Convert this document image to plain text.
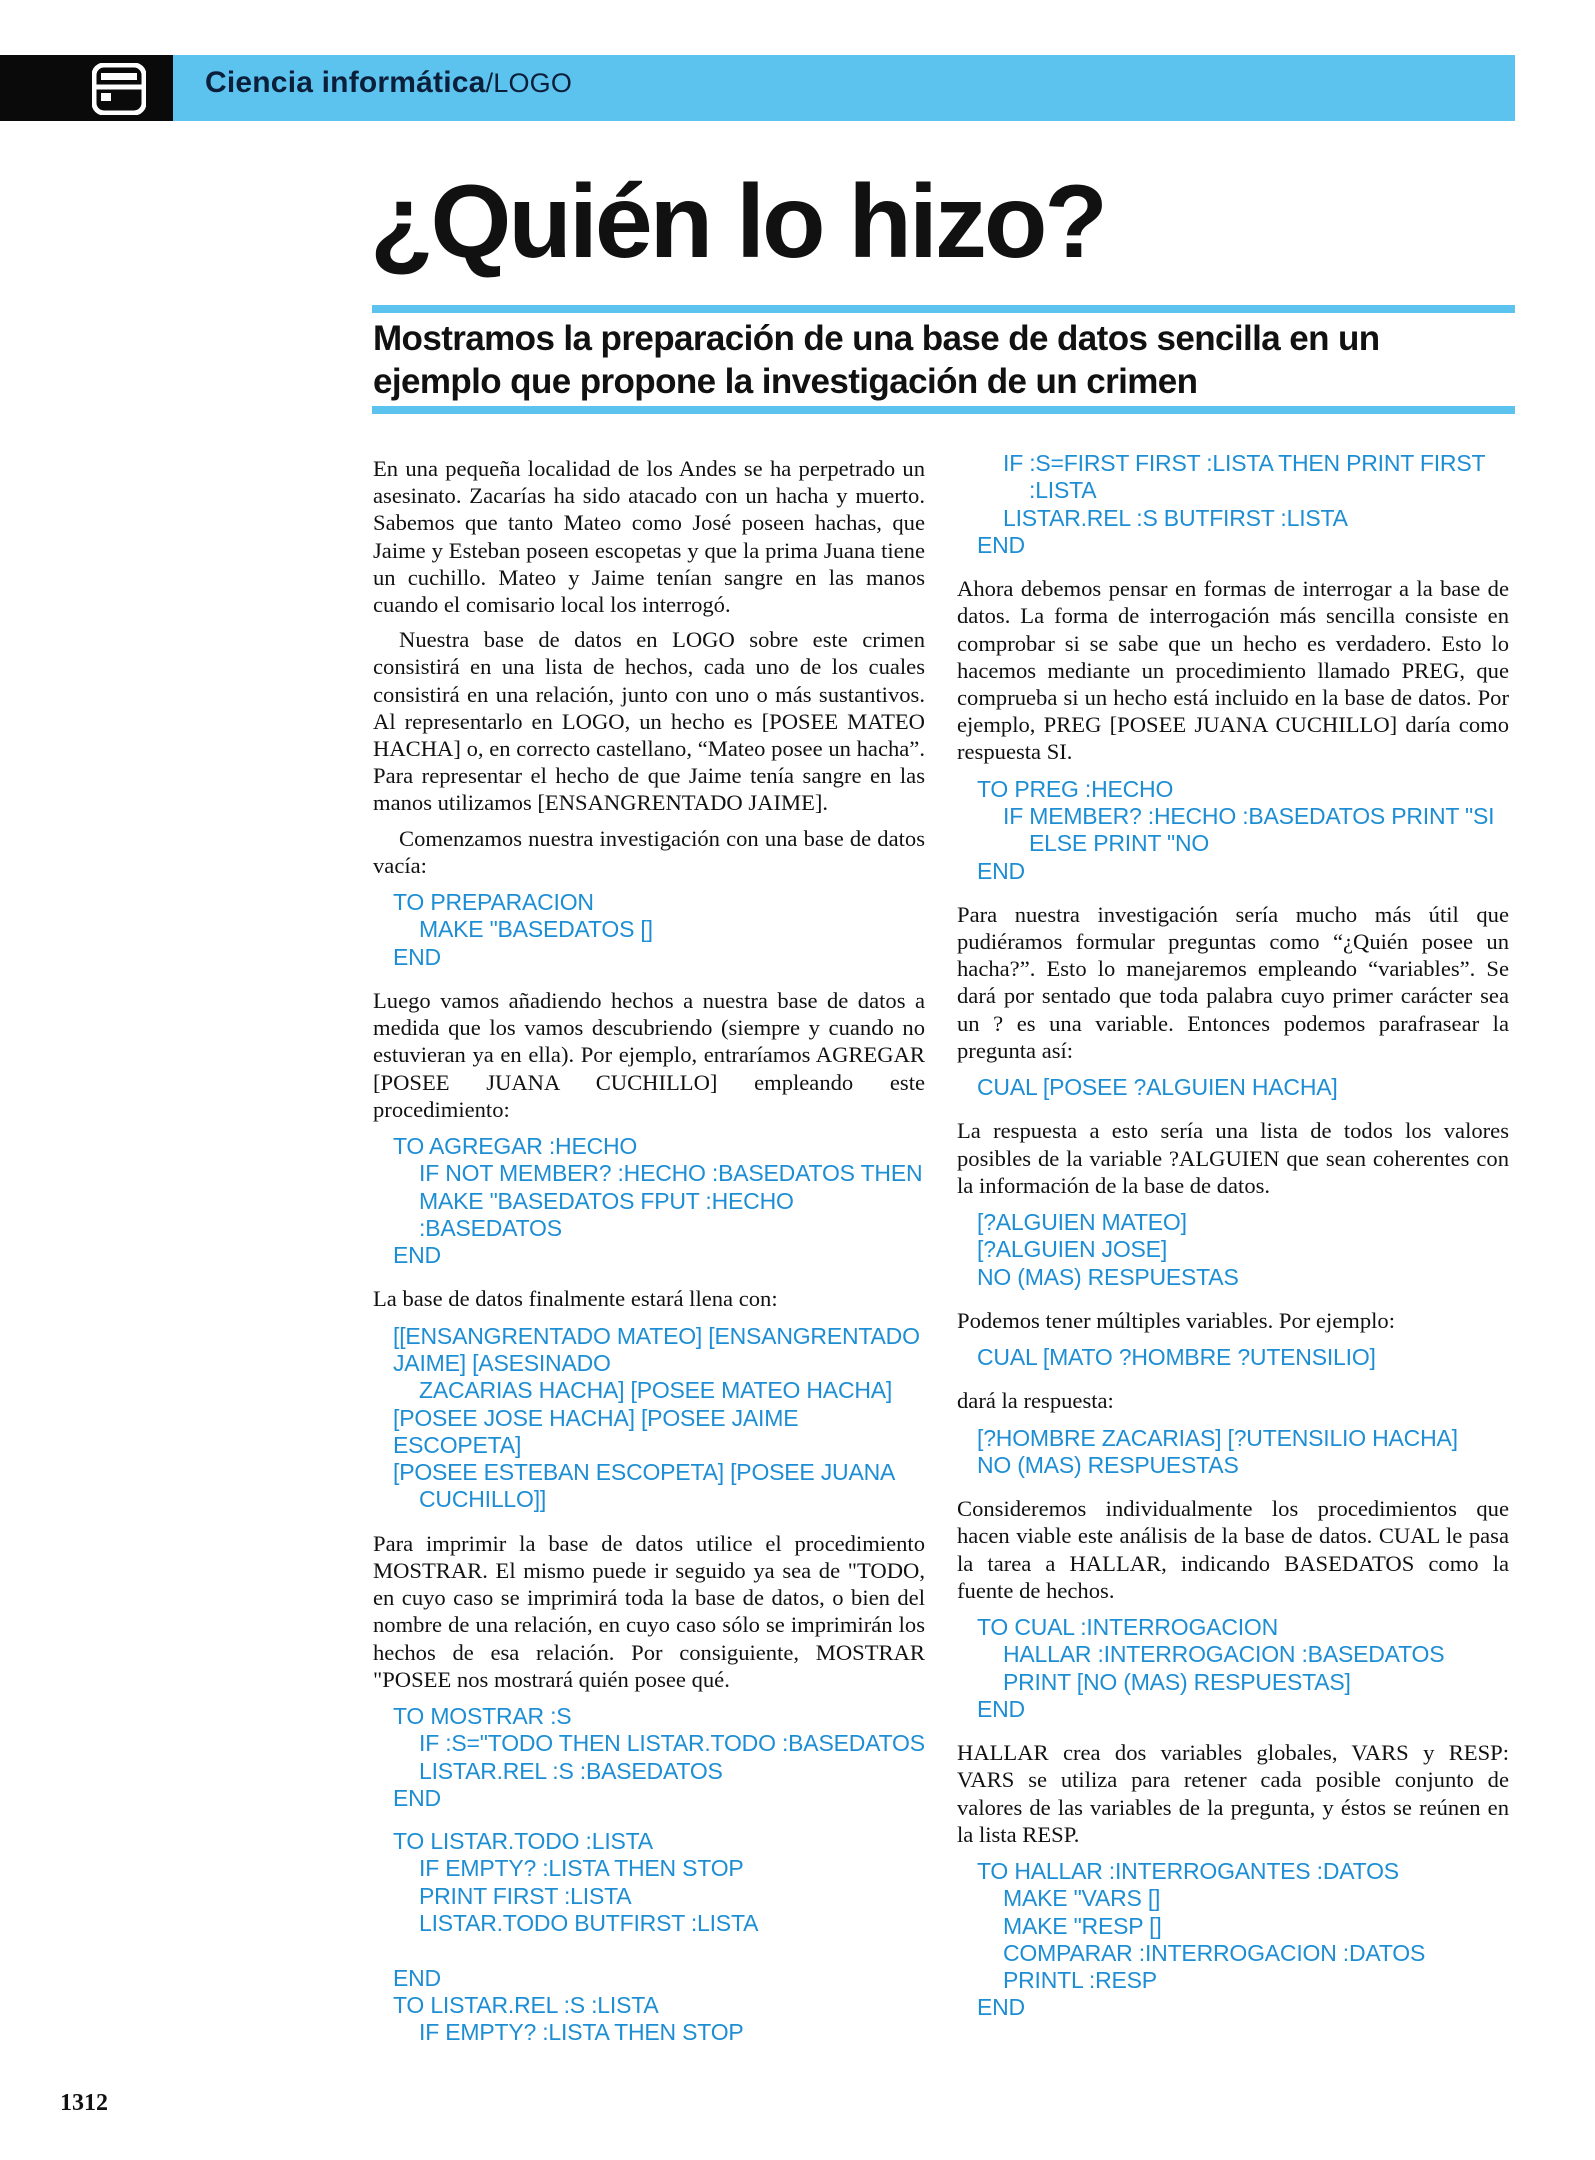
Ciencia informática/LOGO
¿Quién lo hizo?
Mostramos la preparación de una base de datos sencilla en un ejemplo que propone la investigación de un crimen

En una pequeña localidad de los Andes se ha perpetrado un asesinato. Zacarías ha sido atacado con un hacha y muerto. Sabemos que tanto Mateo como José poseen hachas, que Jaime y Esteban poseen escopetas y que la prima Juana tiene un cuchillo. Mateo y Jaime tenían sangre en las manos cuando el comisario local los interrogó.

Nuestra base de datos en LOGO sobre este crimen consistirá en una lista de hechos, cada uno de los cuales consistirá en una relación, junto con uno o más sustantivos. Al representarlo en LOGO, un hecho es [POSEE MATEO HACHA] o, en correcto castellano, “Mateo posee un hacha”. Para representar el hecho de que Jaime tenía sangre en las manos utilizamos [ENSANGRENTADO JAIME].

Comenzamos nuestra investigación con una base de datos vacía:

TO PREPARACION
MAKE "BASEDATOS []
END

Luego vamos añadiendo hechos a nuestra base de datos a medida que los vamos descubriendo (siempre y cuando no estuvieran ya en ella). Por ejemplo, entraríamos AGREGAR [POSEE JUANA CUCHILLO] empleando este procedimiento:

TO AGREGAR :HECHO
IF NOT MEMBER? :HECHO :BASEDATOS THEN
MAKE "BASEDATOS FPUT :HECHO
:BASEDATOS
END

La base de datos finalmente estará llena con:

[[ENSANGRENTADO MATEO] [ENSANGRENTADO
JAIME] [ASESINADO
ZACARIAS HACHA] [POSEE MATEO HACHA]
[POSEE JOSE HACHA] [POSEE JAIME ESCOPETA]
[POSEE ESTEBAN ESCOPETA] [POSEE JUANA
CUCHILLO]]

Para imprimir la base de datos utilice el procedimiento MOSTRAR. El mismo puede ir seguido ya sea de "TODO, en cuyo caso se imprimirá toda la base de datos, o bien del nombre de una relación, en cuyo caso sólo se imprimirán los hechos de esa relación. Por consiguiente, MOSTRAR "POSEE nos mostrará quién posee qué.

TO MOSTRAR :S
IF :S="TODO THEN LISTAR.TODO :BASEDATOS
LISTAR.REL :S :BASEDATOS
END
TO LISTAR.TODO :LISTA
IF EMPTY? :LISTA THEN STOP
PRINT FIRST :LISTA
LISTAR.TODO BUTFIRST :LISTA

END
TO LISTAR.REL :S :LISTA
IF EMPTY? :LISTA THEN STOP
IF :S=FIRST FIRST :LISTA THEN PRINT FIRST
:LISTA
LISTAR.REL :S BUTFIRST :LISTA
END

Ahora debemos pensar en formas de interrogar a la base de datos. La forma de interrogación más sencilla consiste en comprobar si se sabe que un hecho es verdadero. Esto lo hacemos mediante un procedimiento llamado PREG, que comprueba si un hecho está incluido en la base de datos. Por ejemplo, PREG [POSEE JUANA CUCHILLO] daría como respuesta SI.

TO PREG :HECHO
IF MEMBER? :HECHO :BASEDATOS PRINT "SI
ELSE PRINT "NO
END

Para nuestra investigación sería mucho más útil que pudiéramos formular preguntas como “¿Quién posee un hacha?”. Esto lo manejaremos empleando “variables”. Se dará por sentado que toda palabra cuyo primer carácter sea un ? es una variable. Entonces podemos parafrasear la pregunta así:

CUAL [POSEE ?ALGUIEN HACHA]

La respuesta a esto sería una lista de todos los valores posibles de la variable ?ALGUIEN que sean coherentes con la información de la base de datos.

[?ALGUIEN MATEO]
[?ALGUIEN JOSE]
NO (MAS) RESPUESTAS

Podemos tener múltiples variables. Por ejemplo:

CUAL [MATO ?HOMBRE ?UTENSILIO]

dará la respuesta:

[?HOMBRE ZACARIAS] [?UTENSILIO HACHA]
NO (MAS) RESPUESTAS

Consideremos individualmente los procedimientos que hacen viable este análisis de la base de datos. CUAL le pasa la tarea a HALLAR, indicando BASEDATOS como la fuente de hechos.

TO CUAL :INTERROGACION
HALLAR :INTERROGACION :BASEDATOS
PRINT [NO (MAS) RESPUESTAS]
END

HALLAR crea dos variables globales, VARS y RESP: VARS se utiliza para retener cada posible conjunto de valores de las variables de la pregunta, y éstos se reúnen en la lista RESP.

TO HALLAR :INTERROGANTES :DATOS
MAKE "VARS []
MAKE "RESP []
COMPARAR :INTERROGACION :DATOS
PRINTL :RESP
END
1312
